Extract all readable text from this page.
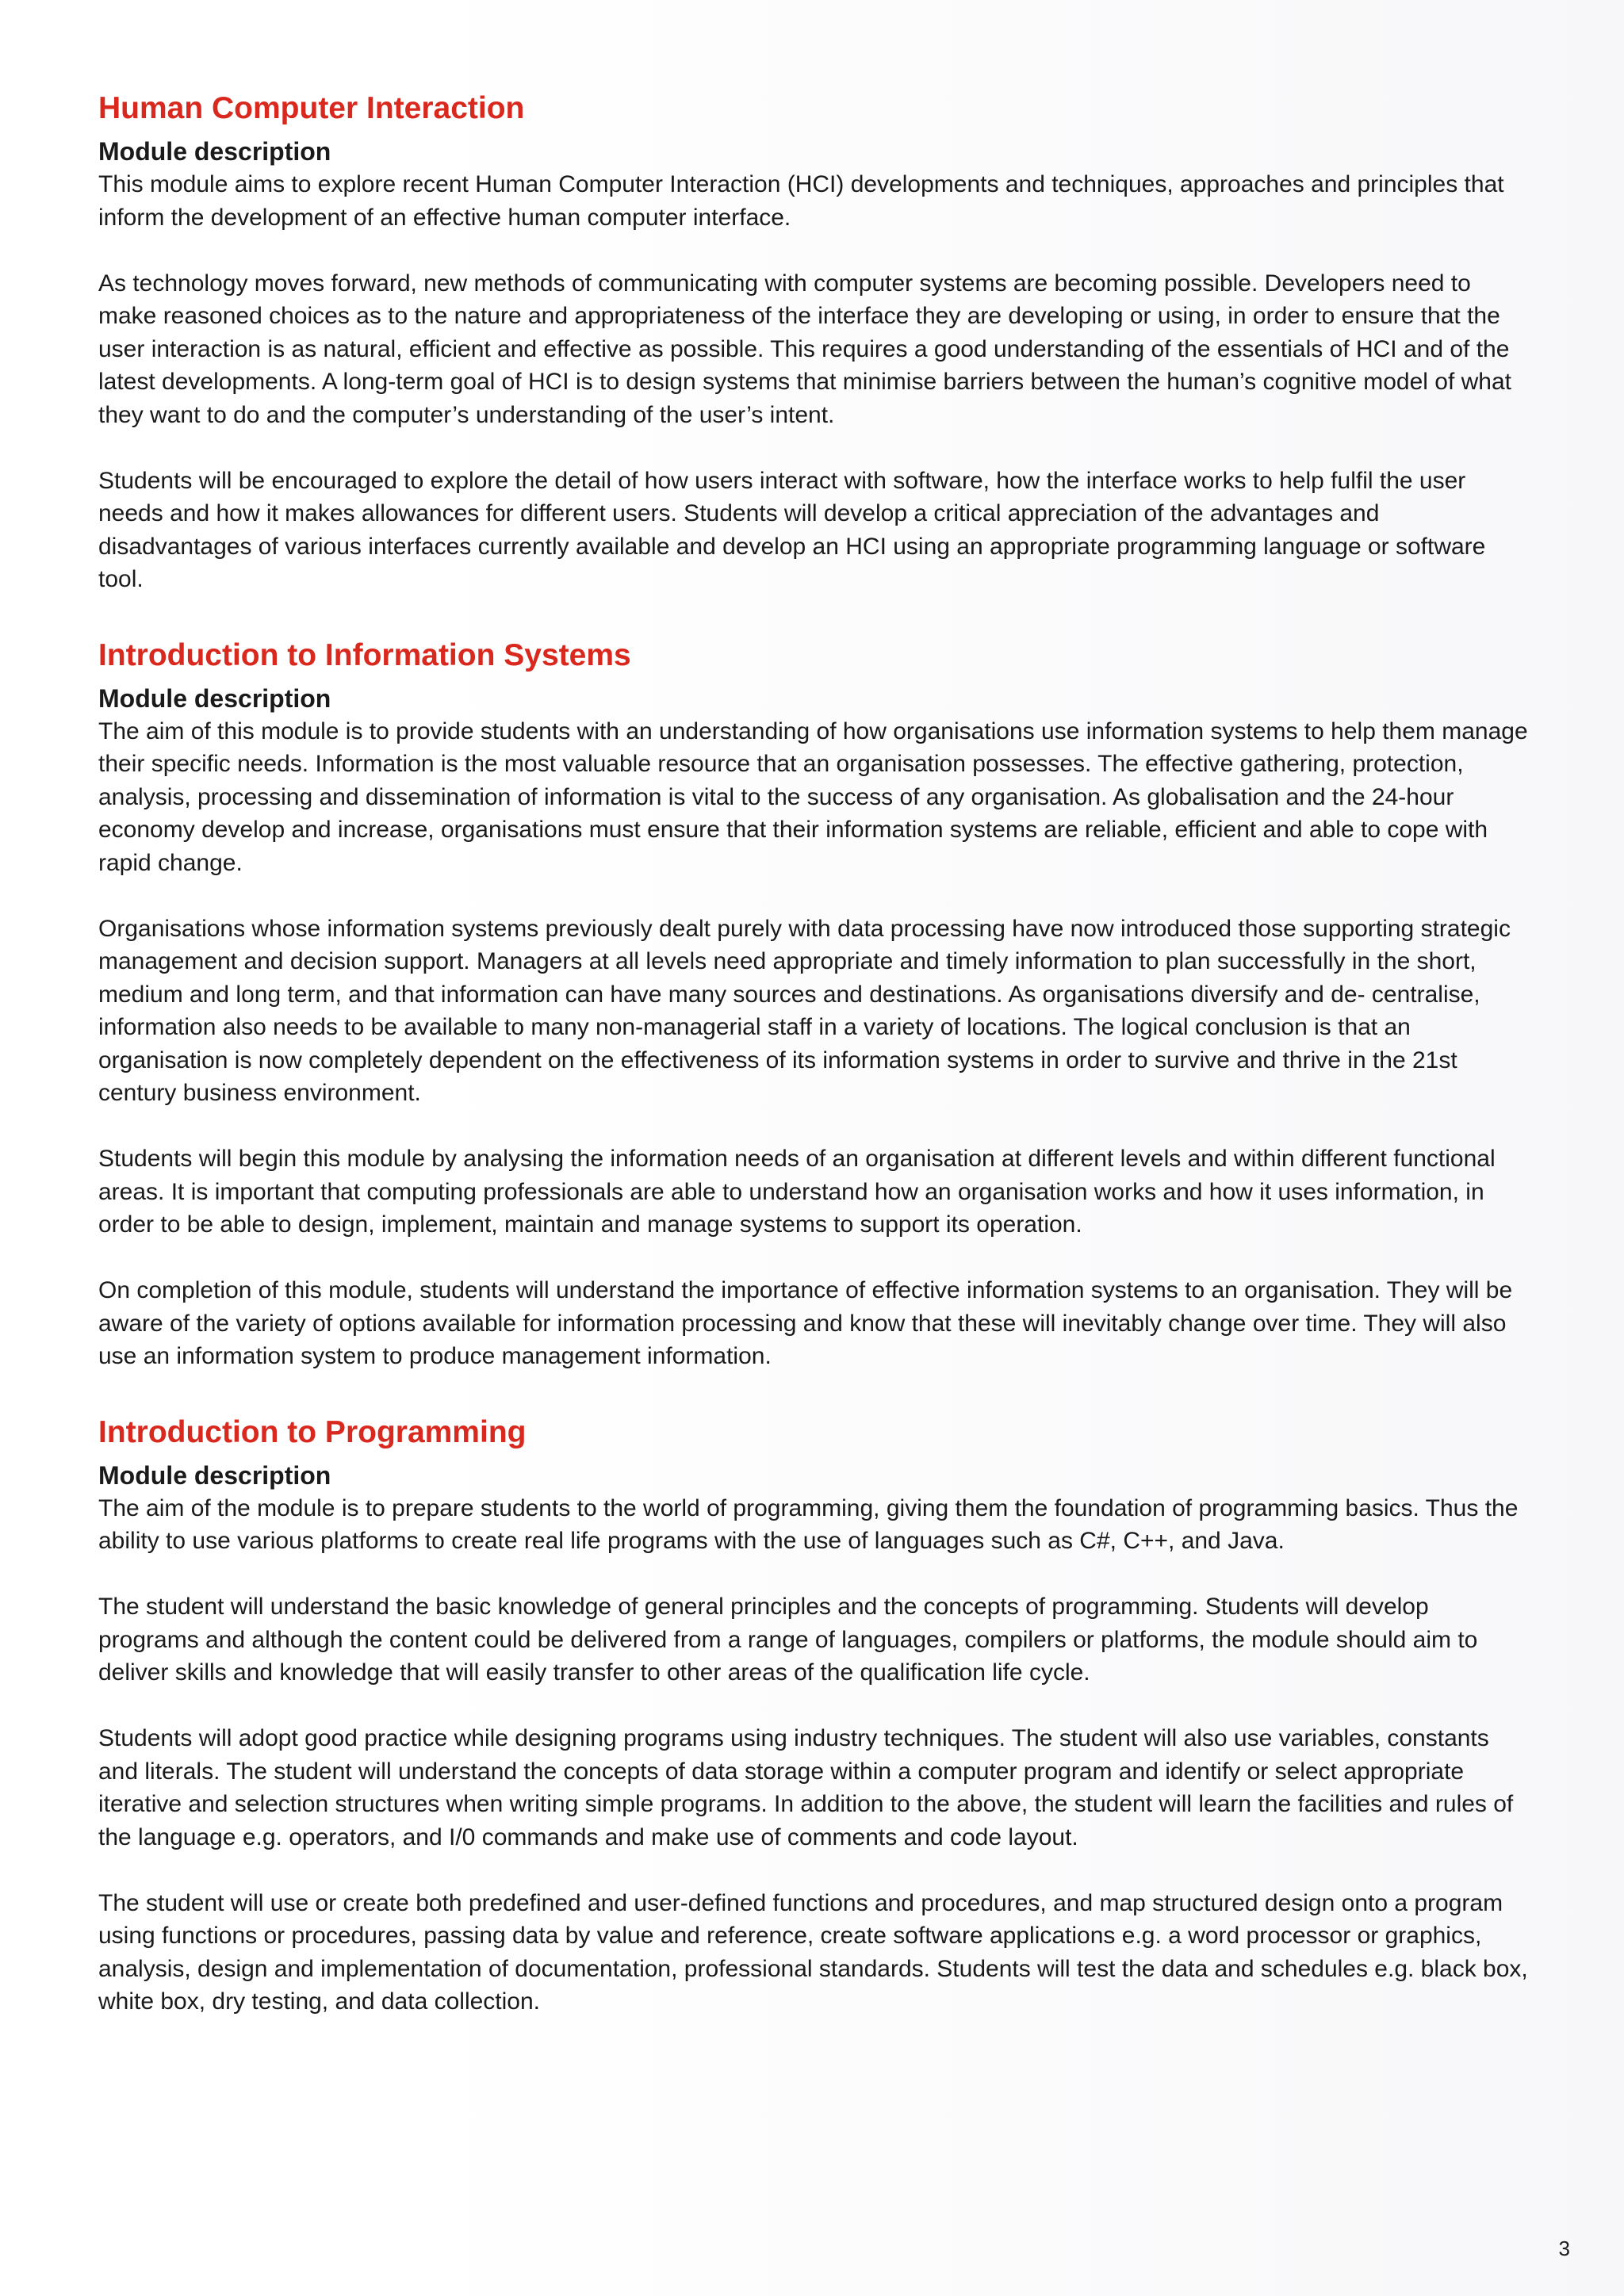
Human Computer Interaction
Module description

This module aims to explore recent Human Computer Interaction (HCI) developments and techniques, approaches and principles that inform the development of an effective human computer interface.

As technology moves forward, new methods of communicating with computer systems are becoming possible. Developers need to make reasoned choices as to the nature and appropriateness of the interface they are developing or using, in order to ensure that the user interaction is as natural, efficient and effective as possible. This requires a good understanding of the essentials of HCI and of the latest developments. A long-term goal of HCI is to design systems that minimise barriers between the human’s cognitive model of what they want to do and the computer’s understanding of the user’s intent.

Students will be encouraged to explore the detail of how users interact with software, how the interface works to help fulfil the user needs and how it makes allowances for different users. Students will develop a critical appreciation of the advantages and disadvantages of various interfaces currently available and develop an HCI using an appropriate programming language or software tool.

Introduction to Information Systems
Module description

The aim of this module is to provide students with an understanding of how organisations use information systems to help them manage their specific needs. Information is the most valuable resource that an organisation possesses. The effective gathering, protection, analysis, processing and dissemination of information is vital to the success of any organisation. As globalisation and the 24-hour economy develop and increase, organisations must ensure that their information systems are reliable, efficient and able to cope with rapid change.

Organisations whose information systems previously dealt purely with data processing have now introduced those supporting strategic management and decision support. Managers at all levels need appropriate and timely information to plan successfully in the short, medium and long term, and that information can have many sources and destinations. As organisations diversify and de- centralise, information also needs to be available to many non-managerial staff in a variety of locations. The logical conclusion is that an organisation is now completely dependent on the effectiveness of its information systems in order to survive and thrive in the 21st century business environment.

Students will begin this module by analysing the information needs of an organisation at different levels and within different functional areas. It is important that computing professionals are able to understand how an organisation works and how it uses information, in order to be able to design, implement, maintain and manage systems to support its operation.

On completion of this module, students will understand the importance of effective information systems to an organisation. They will be aware of the variety of options available for information processing and know that these will inevitably change over time. They will also use an information system to produce management information.

Introduction to Programming
Module description

The aim of the module is to prepare students to the world of programming, giving them the foundation of programming basics. Thus the ability to use various platforms to create real life programs with the use of languages such as C#, C++, and Java.

The student will understand the basic knowledge of general principles and the concepts of programming. Students will develop programs and although the content could be delivered from a range of languages, compilers or platforms, the module should aim to deliver skills and knowledge that will easily transfer to other areas of the qualification life cycle.

Students will adopt good practice while designing programs using industry techniques. The student will also use variables, constants and literals. The student will understand the concepts of data storage within a computer program and identify or select appropriate iterative and selection structures when writing simple programs. In addition to the above, the student will learn the facilities and rules of the language e.g. operators, and I/0 commands and make use of comments and code layout.

The student will use or create both predefined and user-defined functions and procedures, and map structured design onto a program using functions or procedures, passing data by value and reference, create software applications e.g. a word processor or graphics, analysis, design and implementation of documentation, professional standards. Students will test the data and schedules e.g. black box, white box, dry testing, and data collection.

3
